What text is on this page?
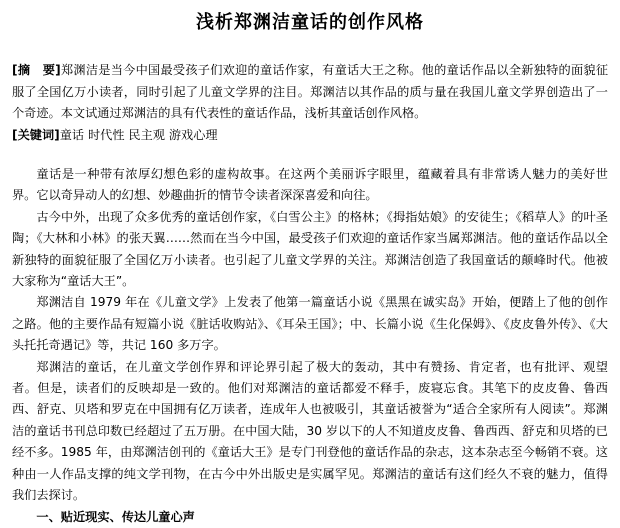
浅析郑渊洁童话的创作风格

[摘　要]郑渊洁是当今中国最受孩子们欢迎的童话作家，有童话大王之称。他的童话作品以全新独特的面貌征服了全国亿万小读者，同时引起了儿童文学界的注目。郑渊洁以其作品的质与量在我国儿童文学界创造出了一个奇迹。本文试通过郑渊洁的具有代表性的童话作品，浅析其童话创作风格。

[关键词]童话 时代性 民主观 游戏心理

童话是一种带有浓厚幻想色彩的虚构故事。在这两个美丽诉字眼里，蕴藏着具有非常诱人魅力的美好世界。它以奇异动人的幻想、妙趣曲折的情节令读者深深喜爱和向往。

古今中外，出现了众多优秀的童话创作家，《白雪公主》的格林；《拇指姑娘》的安徒生；《稻草人》的叶圣陶；《大林和小林》的张天翼……然而在当今中国，最受孩子们欢迎的童话作家当属郑渊洁。他的童话作品以全新独特的面貌征服了全国亿万小读者。也引起了儿童文学界的关注。郑渊洁创造了我国童话的颠峰时代。他被大家称为“童话大王”。

郑渊洁自 1979 年在《儿童文学》上发表了他第一篇童话小说《黑黑在诚实岛》开始，便踏上了他的创作之路。他的主要作品有短篇小说《脏话收购站》、《耳朵王国》；中、长篇小说《生化保姆》、《皮皮鲁外传》、《大头托托奇遇记》等，共记 160 多万字。

郑渊洁的童话，在儿童文学创作界和评论界引起了极大的轰动，其中有赞扬、肯定者，也有批评、观望者。但是，读者们的反映却是一致的。他们对郑渊洁的童话都爱不释手，废寝忘食。其笔下的皮皮鲁、鲁西西、舒克、贝塔和罗克在中国拥有亿万读者，连成年人也被吸引，其童话被誉为“适合全家所有人阅读”。郑渊洁的童话书刊总印数已经超过了五万册。在中国大陆，30 岁以下的人不知道皮皮鲁、鲁西西、舒克和贝塔的已经不多。1985 年，由郑渊洁创刊的《童话大王》是专门刊登他的童话作品的杂志，这本杂志至今畅销不衰。这种由一人作品支撑的纯文学刊物，在古今中外出版史是实属罕见。郑渊洁的童话有这们经久不衰的魅力，值得我们去探讨。

一、贴近现实、传达儿童心声
